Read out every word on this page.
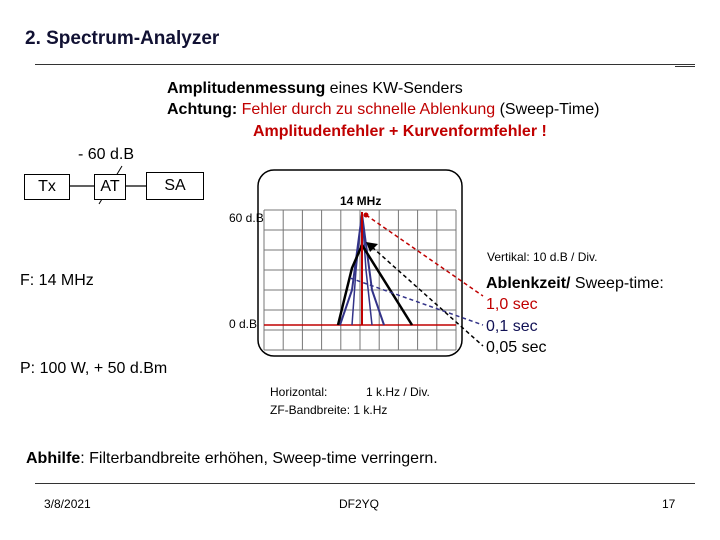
2. Spectrum-Analyzer
Amplitudenmessung eines KW-Senders
Achtung: Fehler durch zu schnelle Ablenkung (Sweep-Time)
Amplitudenfehler + Kurvenformfehler !
- 60 d.B
Tx	AT	SA
14 MHz
60 d.B
0 d.B
Vertikal: 10 d.B / Div.
F: 14 MHz	Ablenkzeit/ Sweep-time:
1,0 sec
0,1 sec
0,05 sec
P: 100 W, + 50 d.Bm
Horizontal:	1 k.Hz / Div.
ZF-Bandbreite: 1 k.Hz
Abhilfe: Filterbandbreite erhöhen, Sweep-time verringern.
3/8/2021	DF2YQ	17
